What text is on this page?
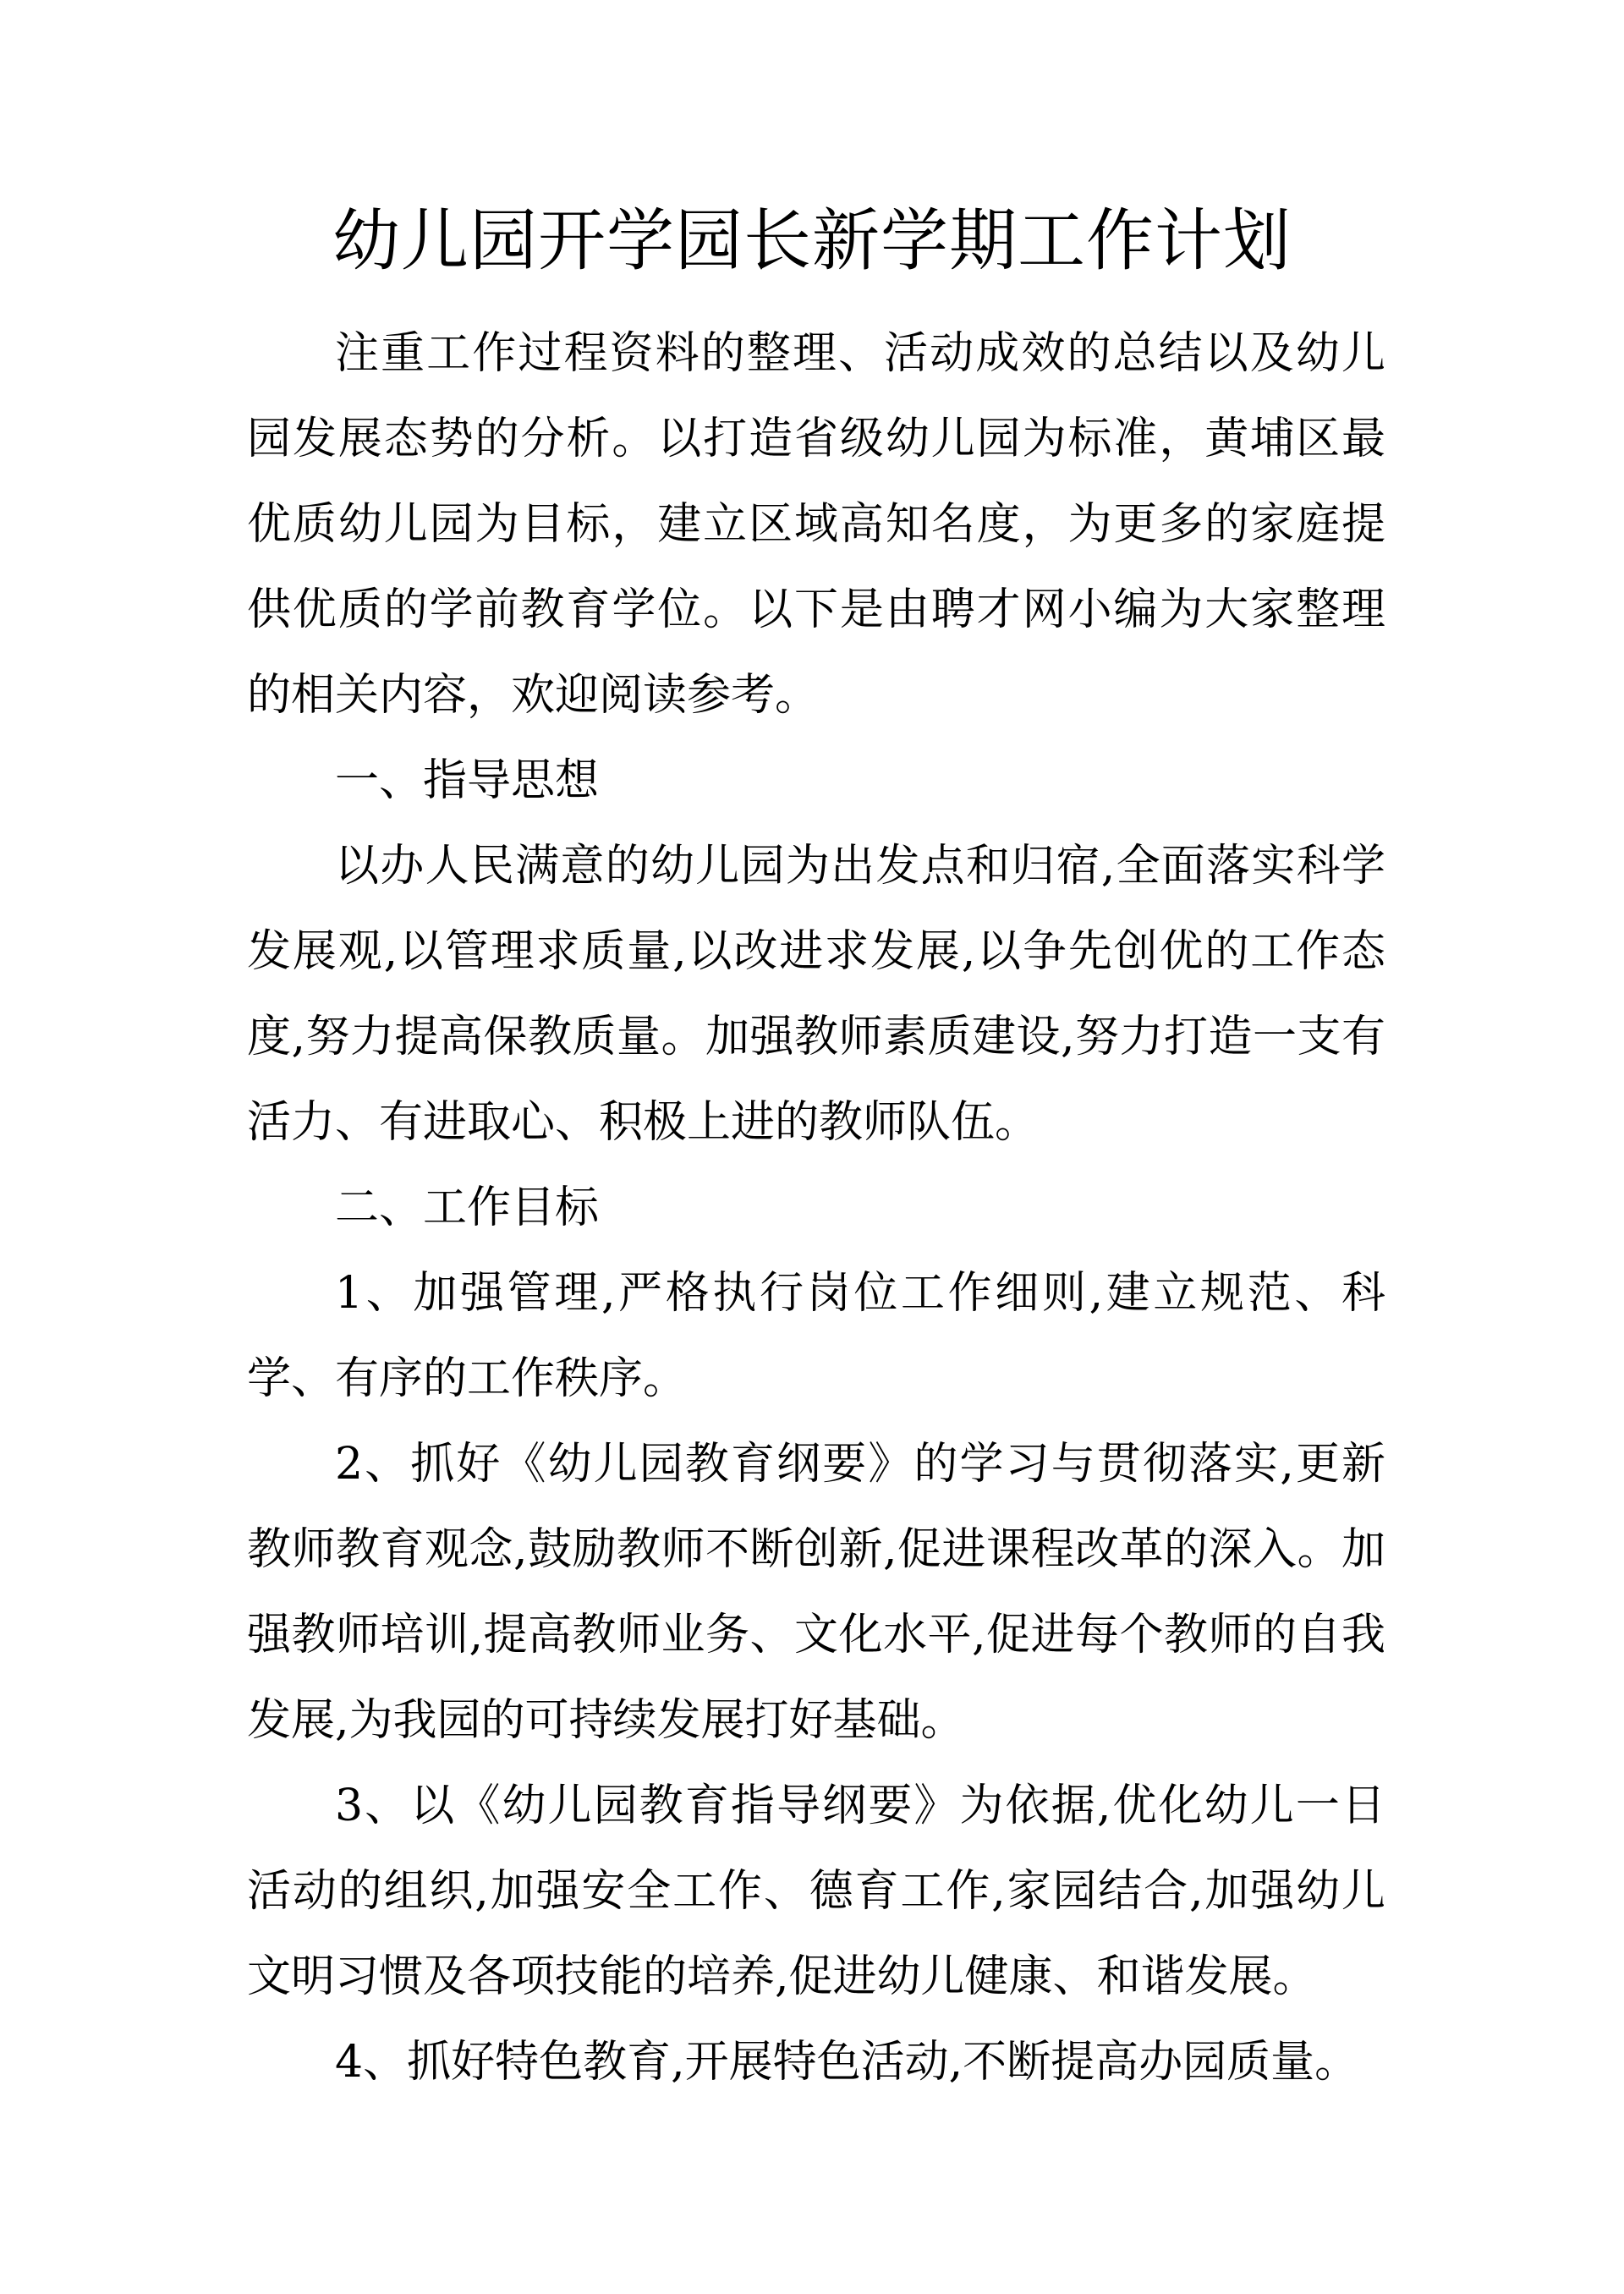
幼儿园开学园长新学期工作计划

注重工作过程资料的整理、活动成效的总结以及幼儿园发展态势的分析。以打造省级幼儿园为标准，黄埔区最优质幼儿园为目标，建立区域高知名度，为更多的家庭提供优质的学前教育学位。以下是由聘才网小编为大家整理的相关内容，欢迎阅读参考。

一、指导思想

以办人民满意的幼儿园为出发点和归宿,全面落实科学发展观,以管理求质量,以改进求发展,以争先创优的工作态度,努力提高保教质量。加强教师素质建设,努力打造一支有活力、有进取心、积极上进的教师队伍。

二、工作目标

1、加强管理,严格执行岗位工作细则,建立规范、科学、有序的工作秩序。

2、抓好《幼儿园教育纲要》的学习与贯彻落实,更新教师教育观念,鼓励教师不断创新,促进课程改革的深入。加强教师培训,提高教师业务、文化水平,促进每个教师的自我发展,为我园的可持续发展打好基础。

3、以《幼儿园教育指导纲要》为依据,优化幼儿一日活动的组织,加强安全工作、德育工作,家园结合,加强幼儿文明习惯及各项技能的培养,促进幼儿健康、和谐发展。

4、抓好特色教育,开展特色活动,不断提高办园质量。
